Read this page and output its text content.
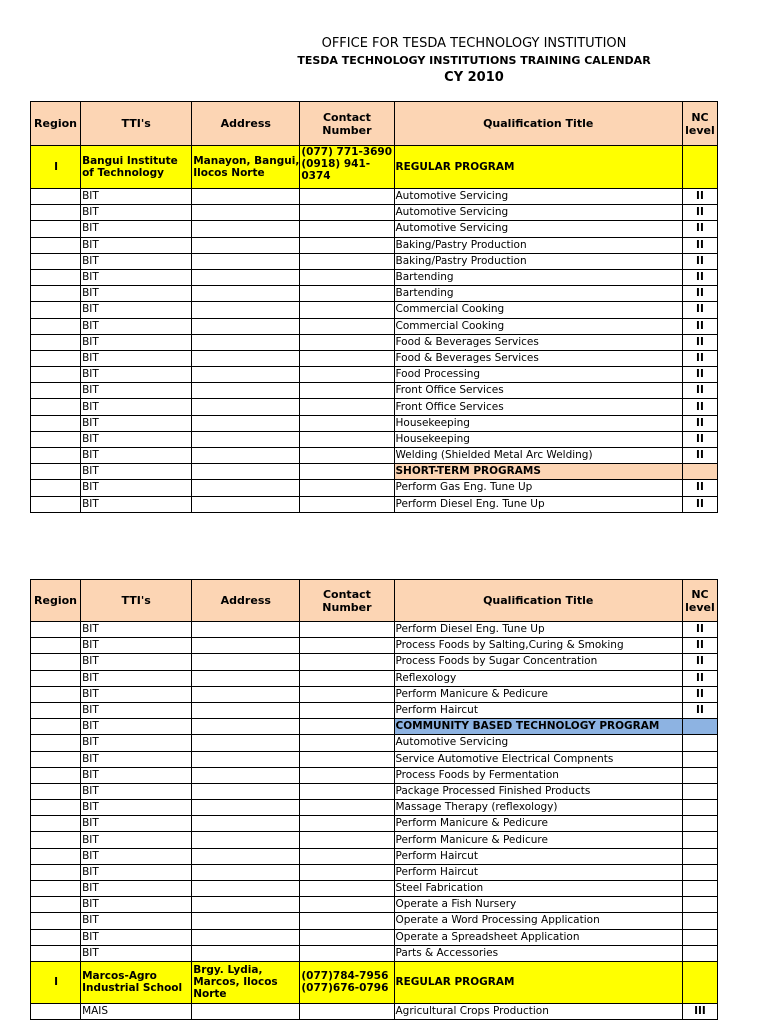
OFFICE FOR TESDA TECHNOLOGY INSTITUTION
TESDA TECHNOLOGY INSTITUTIONS TRAINING CALENDAR
CY 2010
Region	TTI's	Address	Contact Number	Qualification Title	NC level
I	Bangui Institute of Technology	Manayon, Bangui, Ilocos Norte	(077) 771-3690 (0918) 941-0374	REGULAR PROGRAM	
	BIT			Automotive Servicing	II
	BIT			Automotive Servicing	II
	BIT			Automotive Servicing	II
	BIT			Baking/Pastry Production	II
	BIT			Baking/Pastry Production	II
	BIT			Bartending	II
	BIT			Bartending	II
	BIT			Commercial Cooking	II
	BIT			Commercial Cooking	II
	BIT			Food & Beverages Services	II
	BIT			Food & Beverages Services	II
	BIT			Food Processing	II
	BIT			Front Office Services	II
	BIT			Front Office Services	II
	BIT			Housekeeping	II
	BIT			Housekeeping	II
	BIT			Welding (Shielded Metal Arc Welding)	II
	BIT			SHORT-TERM PROGRAMS	
	BIT			Perform Gas Eng. Tune Up	II
	BIT			Perform Diesel Eng. Tune Up	II
Region	TTI's	Address	Contact Number	Qualification Title	NC level
	BIT			Perform Diesel Eng. Tune Up	II
	BIT			Process Foods by Salting,Curing & Smoking	II
	BIT			Process Foods by Sugar Concentration	II
	BIT			Reflexology	II
	BIT			Perform Manicure & Pedicure	II
	BIT			Perform Haircut	II
	BIT			COMMUNITY BASED TECHNOLOGY PROGRAM	
	BIT			Automotive Servicing	
	BIT			Service Automotive Electrical Compnents	
	BIT			Process Foods by Fermentation	
	BIT			Package Processed Finished Products	
	BIT			Massage Therapy (reflexology)	
	BIT			Perform Manicure & Pedicure	
	BIT			Perform Manicure & Pedicure	
	BIT			Perform Haircut	
	BIT			Perform Haircut	
	BIT			Steel Fabrication	
	BIT			Operate a Fish Nursery	
	BIT			Operate a Word Processing Application	
	BIT			Operate a Spreadsheet Application	
	BIT			Parts & Accessories	
I	Marcos-Agro Industrial School	Brgy. Lydia, Marcos, Ilocos Norte	(077)784-7956 (077)676-0796	REGULAR PROGRAM	
	MAIS			Agricultural Crops Production	III
